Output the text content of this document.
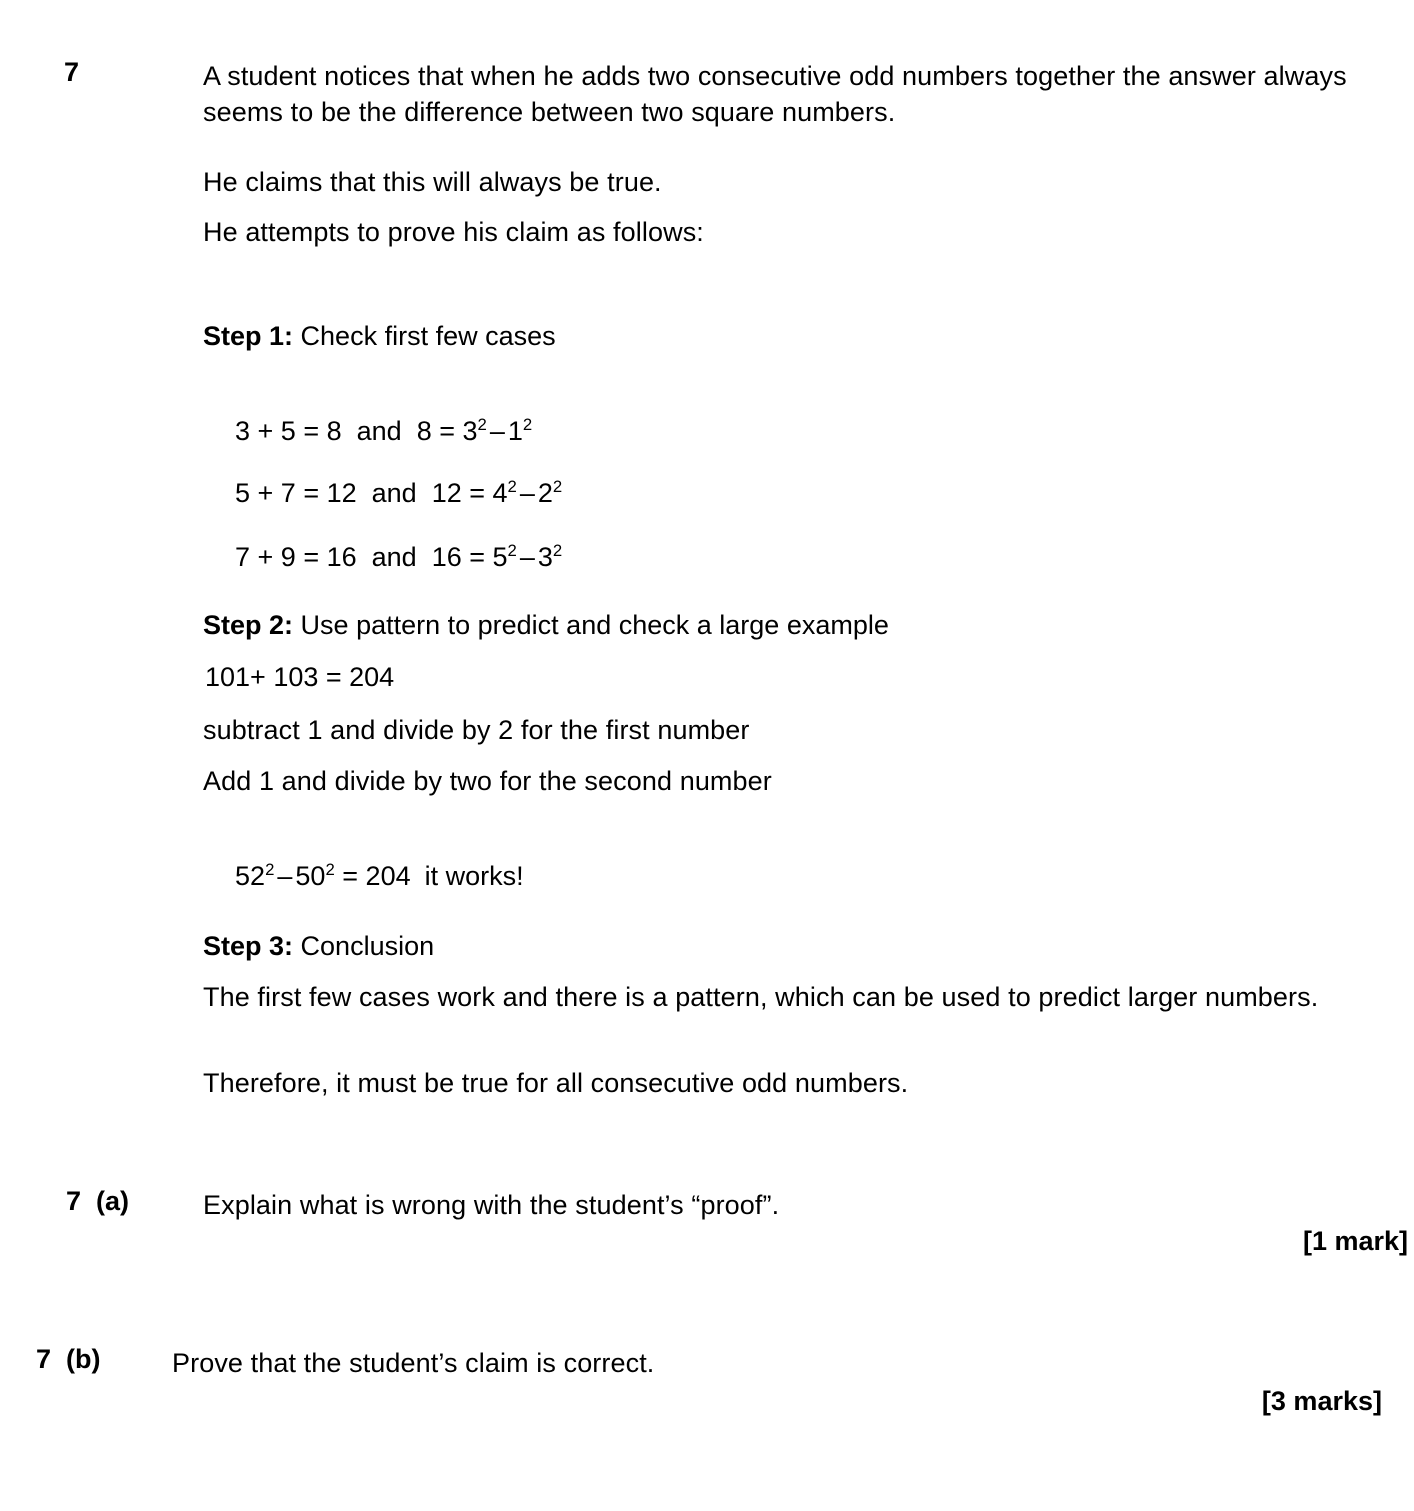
7	A student notices that when he adds two consecutive odd numbers together the answer always seems to be the difference between two square numbers.
He claims that this will always be true.
He attempts to prove his claim as follows:
Step 1: Check first few cases

3 + 5 = 8 and $8 = 3^2 - 1^2$

5 + 7 = 12 and $12 = 4^2 - 2^2$

7 + 9 = 16 and $16 = 5^2 - 3^2$

Step 2: Use pattern to predict and check a large example
101+ 103 = 204
subtract 1 and divide by 2 for the first number
Add 1 and divide by two for the second number

$52^2 - 50^2 = 204$ it works!

Step 3: Conclusion
The first few cases work and there is a pattern, which can be used to predict larger numbers.
Therefore, it must be true for all consecutive odd numbers.
7  (a)	Explain what is wrong with the student’s “proof”.
[1 mark]
7  (b)	Prove that the student’s claim is correct.
[3 marks]
